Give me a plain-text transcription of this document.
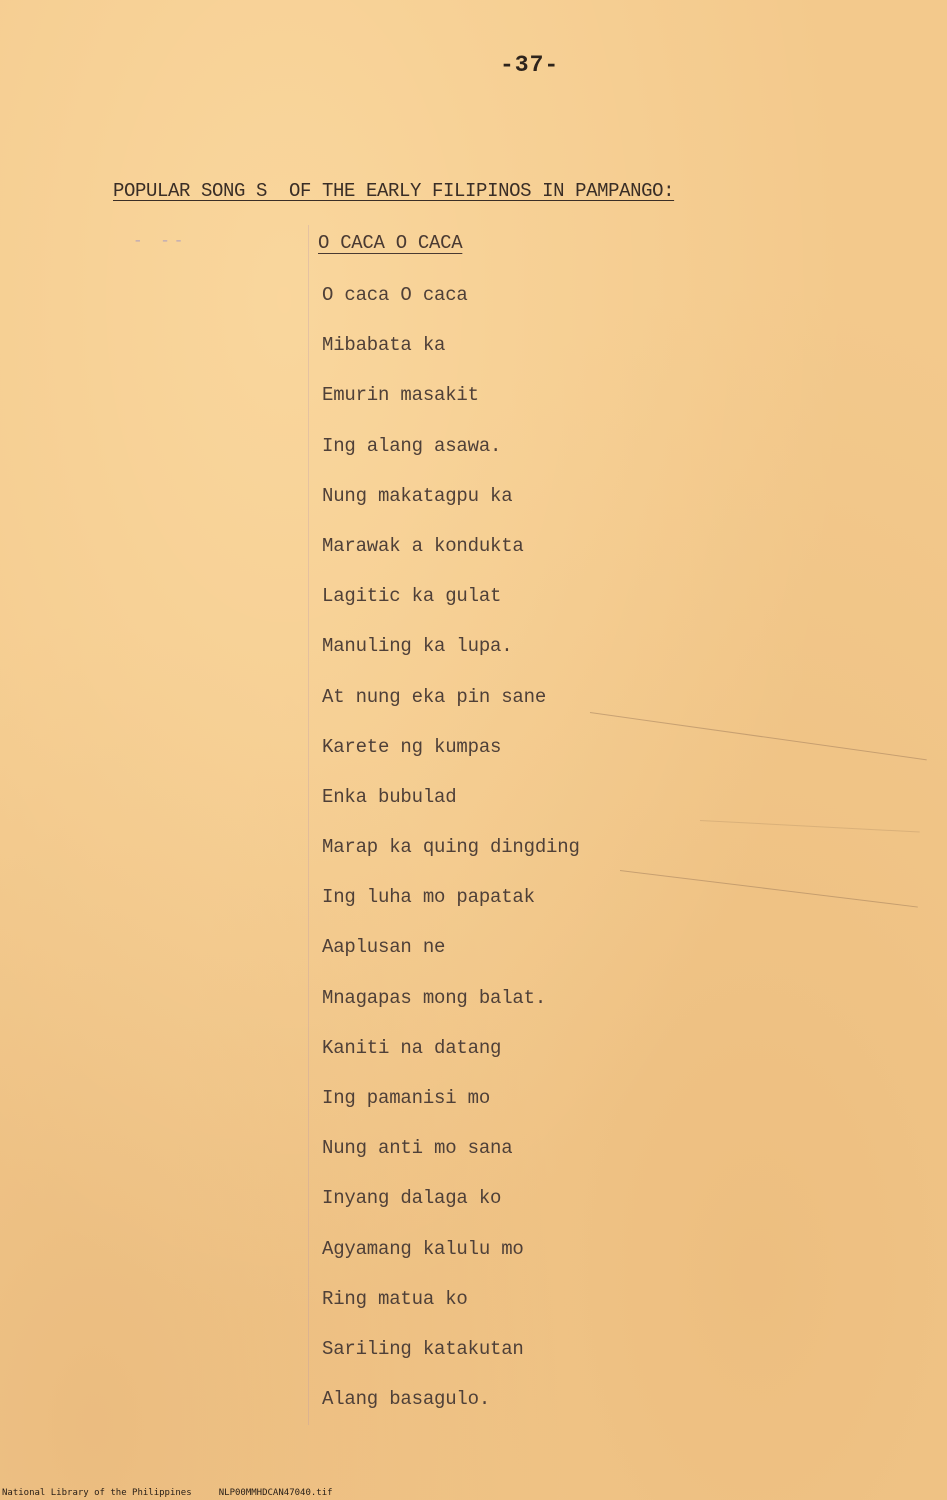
-37-
POPULAR SONG S  OF THE EARLY FILIPINOS IN PAMPANGO:
- --	O CACA O CACA
O caca O caca
Mibabata ka
Emurin masakit
Ing alang asawa.
Nung makatagpu ka
Marawak a kondukta
Lagitic ka gulat
Manuling ka lupa.
At nung eka pin sane
Karete ng kumpas
Enka bubulad
Marap ka quing dingding
Ing luha mo papatak
Aaplusan ne
Mnagapas mong balat.
Kaniti na datang
Ing pamanisi mo
Nung anti mo sana
Inyang dalaga ko
Agyamang kalulu mo
Ring matua ko
Sariling katakutan
Alang basagulo.
National Library of the Philippines	NLP00MMHDCAN47040.tif
